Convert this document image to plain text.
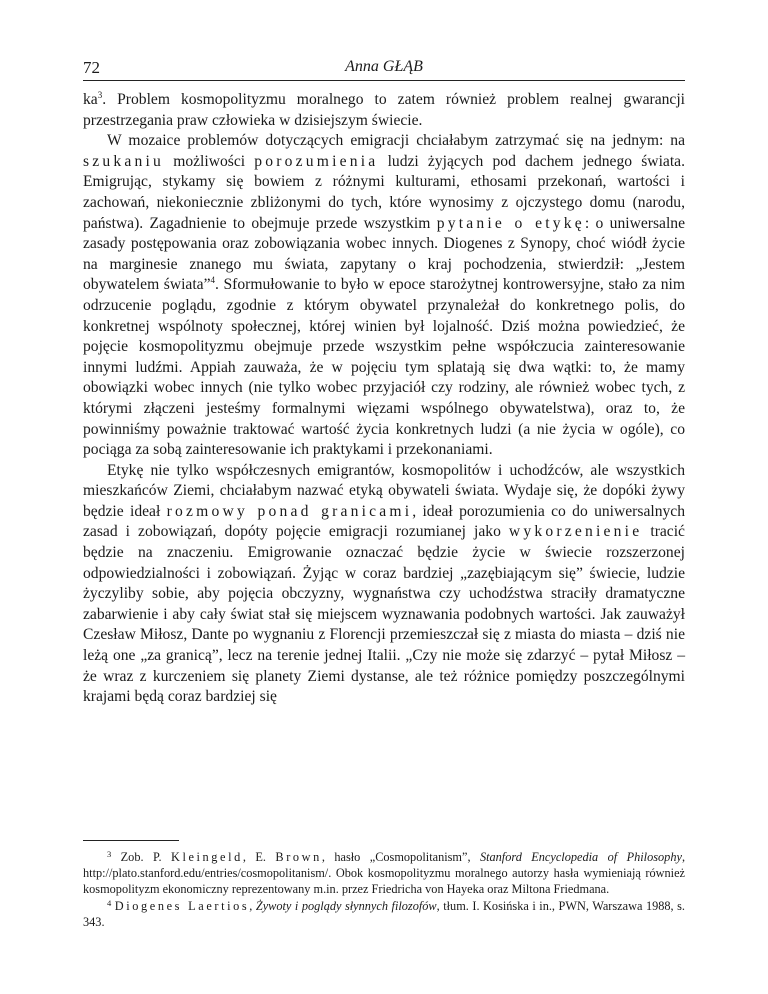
72	Anna GŁĄB

$ka^3$. Problem kosmopolityzmu moralnego to zatem również problem realnej gwarancji przestrzegania praw człowieka w dzisiejszym świecie.

W mozaice problemów dotyczących emigracji chciałabym zatrzymać się na jednym: na szukaniu możliwości porozumienia ludzi żyjących pod dachem jednego świata. Emigrując, stykamy się bowiem z różnymi kulturami, ethosami przekonań, wartości i zachowań, niekoniecznie zbliżonymi do tych, które wynosimy z ojczystego domu (narodu, państwa). Zagadnienie to obejmuje przede wszystkim pytanie o etykę: o uniwersalne zasady postępowania oraz zobowiązania wobec innych. Diogenes z Synopy, choć wiódł życie na marginesie znanego mu świata, zapytany o kraj pochodzenia, stwierdził: „Jestem obywatelem świata”$^4$. Sformułowanie to było w epoce starożytnej kontrowersyjne, stało za nim odrzucenie poglądu, zgodnie z którym obywatel przynależał do konkretnego polis, do konkretnej wspólnoty społecznej, której winien był lojalność. Dziś można powiedzieć, że pojęcie kosmopolityzmu obejmuje przede wszystkim pełne współczucia zainteresowanie innymi ludźmi. Appiah zauważa, że w pojęciu tym splatają się dwa wątki: to, że mamy obowiązki wobec innych (nie tylko wobec przyjaciół czy rodziny, ale również wobec tych, z którymi złączeni jesteśmy formalnymi więzami wspólnego obywatelstwa), oraz to, że powinniśmy poważnie traktować wartość życia konkretnych ludzi (a nie życia w ogóle), co pociąga za sobą zainteresowanie ich praktykami i przekonaniami.

Etykę nie tylko współczesnych emigrantów, kosmopolitów i uchodźców, ale wszystkich mieszkańców Ziemi, chciałabym nazwać etyką obywateli świata. Wydaje się, że dopóki żywy będzie ideał rozmowy ponad granicami, ideał porozumienia co do uniwersalnych zasad i zobowiązań, dopóty pojęcie emigracji rozumianej jako wykorzenienie tracić będzie na znaczeniu. Emigrowanie oznaczać będzie życie w świecie rozszerzonej odpowiedzialności i zobowiązań. Żyjąc w coraz bardziej „zazębiającym się” świecie, ludzie życzyliby sobie, aby pojęcia obczyzny, wygnaństwa czy uchodźstwa straciły dramatyczne zabarwienie i aby cały świat stał się miejscem wyznawania podobnych wartości. Jak zauważył Czesław Miłosz, Dante po wygnaniu z Florencji przemieszczał się z miasta do miasta – dziś nie leżą one „za granicą”, lecz na terenie jednej Italii. „Czy nie może się zdarzyć – pytał Miłosz – że wraz z kurczeniem się planety Ziemi dystanse, ale też różnice pomiędzy poszczególnymi krajami będą coraz bardziej się

$^3$ Zob. P. Kleingeld, E. Brown, hasło „Cosmopolitanism”, Stanford Encyclopedia of Philosophy, http://plato.stanford.edu/entries/cosmopolitanism/. Obok kosmopolityzmu moralnego autorzy hasła wymieniają również kosmopolityzm ekonomiczny reprezentowany m.in. przez Friedricha von Hayeka oraz Miltona Friedmana.

$^4$ Diogenes Laertios, Żywoty i poglądy słynnych filozofów, tłum. I. Kosińska i in., PWN, Warszawa 1988, s. 343.
